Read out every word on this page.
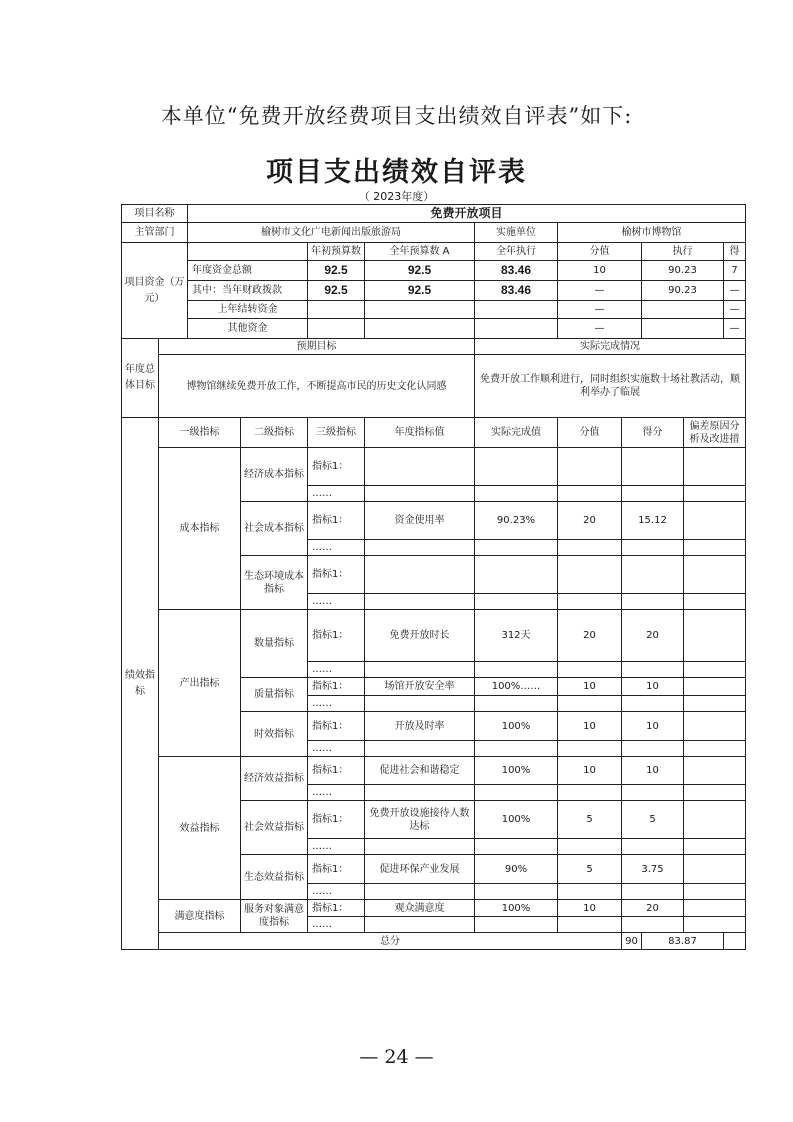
本单位“免费开放经费项目支出绩效自评表”如下:
项目支出绩效自评表
（ 2023年度）
项目名称		免费开放项目									
主管部门		榆树市文化广电新闻出版旅游局				实施单位	榆树市博物馆				
项目资金（万元）				年初预算数	全年预算数 A	全年执行	分值		执行		得
		年度资金总额		92.5	92.5	83.46	10		90.23		7
		其中：当年财政拨款		92.5	92.5	83.46	—		90.23		—
		上年结转资金					—				—
		其他资金					—				—
年度总体目标	预期目标					实际完成情况					
	博物馆继续免费开放工作，不断提高市民的历史文化认同感					免费开放工作顺利进行，同时组织实施数十场社教活动，顺利举办了临展					
绩效指标	一级指标		二级指标	三级指标	年度指标值	实际完成值	分值	得分		偏差原因分析及改进措	
	成本指标		经济成本指标	指标1：							
				……							
			社会成本指标	指标1：	资金使用率	90.23%	20	15.12			
				……							
			生态环境成本指标	指标1：							
				……							
	产出指标		数量指标	指标1：	免费开放时长	312天	20	20			
				……							
			质量指标	指标1：	场馆开放安全率	100%……	10	10			
				……							
			时效指标	指标1：	开放及时率	100%	10	10			
				……							
	效益指标		经济效益指标	指标1：	促进社会和谐稳定	100%	10	10			
				……							
			社会效益指标	指标1：	免费开放设施接待人数达标	100%	5	5			
				……							
			生态效益指标	指标1：	促进环保产业发展	90%	5	3.75			
				……							
	满意度指标		服务对象满意度指标	指标1：	观众满意度	100%	10	20			
				……							
	总分							90	83.87		
— 24 —
